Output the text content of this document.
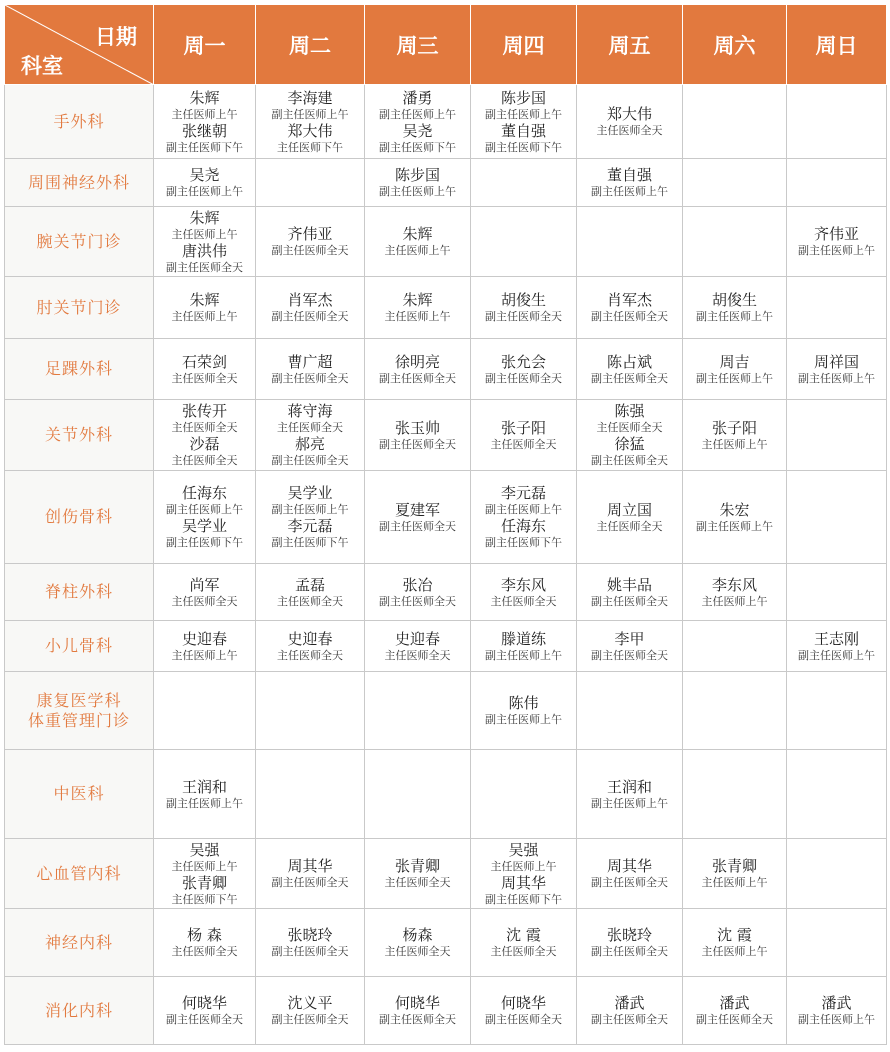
日期
科室	周一	周二	周三	周四	周五	周六	周日

手外科	朱辉
主任医师上午
张继朝
副主任医师下午	李海建
副主任医师上午
郑大伟
主任医师下午	潘勇
副主任医师上午
吴尧
副主任医师下午	陈步国
副主任医师上午
董自强
副主任医师下午	郑大伟
主任医师全天		

周围神经外科	吴尧
副主任医师上午		陈步国
副主任医师上午		董自强
副主任医师上午		

腕关节门诊	朱辉
主任医师上午
唐洪伟
副主任医师全天	齐伟亚
副主任医师全天	朱辉
主任医师上午				齐伟亚
副主任医师上午

肘关节门诊	朱辉
主任医师上午	肖军杰
副主任医师全天	朱辉
主任医师上午	胡俊生
副主任医师全天	肖军杰
副主任医师全天	胡俊生
副主任医师上午	

足踝外科	石荣剑
主任医师全天	曹广超
副主任医师全天	徐明亮
副主任医师全天	张允会
副主任医师全天	陈占斌
副主任医师全天	周吉
副主任医师上午	周祥国
副主任医师上午

关节外科	张传开
主任医师全天
沙磊
主任医师全天	蒋守海
主任医师全天
郝亮
副主任医师全天	张玉帅
副主任医师全天	张子阳
主任医师全天	陈强
主任医师全天
徐猛
副主任医师全天	张子阳
主任医师上午	

创伤骨科	任海东
副主任医师上午
吴学业
副主任医师下午	吴学业
副主任医师上午
李元磊
副主任医师下午	夏建军
副主任医师全天	李元磊
副主任医师上午
任海东
副主任医师下午	周立国
主任医师全天	朱宏
副主任医师上午	

脊柱外科	尚军
主任医师全天	孟磊
主任医师全天	张冶
副主任医师全天	李东风
主任医师全天	姚丰品
副主任医师全天	李东风
主任医师上午	

小儿骨科	史迎春
主任医师上午	史迎春
主任医师全天	史迎春
主任医师全天	滕道练
副主任医师上午	李甲
副主任医师全天		王志刚
副主任医师上午

康复医学科
体重管理门诊				陈伟
副主任医师上午			

中医科	王润和
副主任医师上午				王润和
副主任医师上午		

心血管内科	吴强
主任医师上午
张青卿
主任医师下午	周其华
副主任医师全天	张青卿
主任医师全天	吴强
主任医师上午
周其华
副主任医师下午	周其华
副主任医师全天	张青卿
主任医师上午	

神经内科	杨 森
主任医师全天	张晓玲
副主任医师全天	杨森
主任医师全天	沈 霞
主任医师全天	张晓玲
副主任医师全天	沈 霞
主任医师上午	

消化内科	何晓华
副主任医师全天	沈义平
副主任医师全天	何晓华
副主任医师全天	何晓华
副主任医师全天	潘武
副主任医师全天	潘武
副主任医师全天	潘武
副主任医师上午
